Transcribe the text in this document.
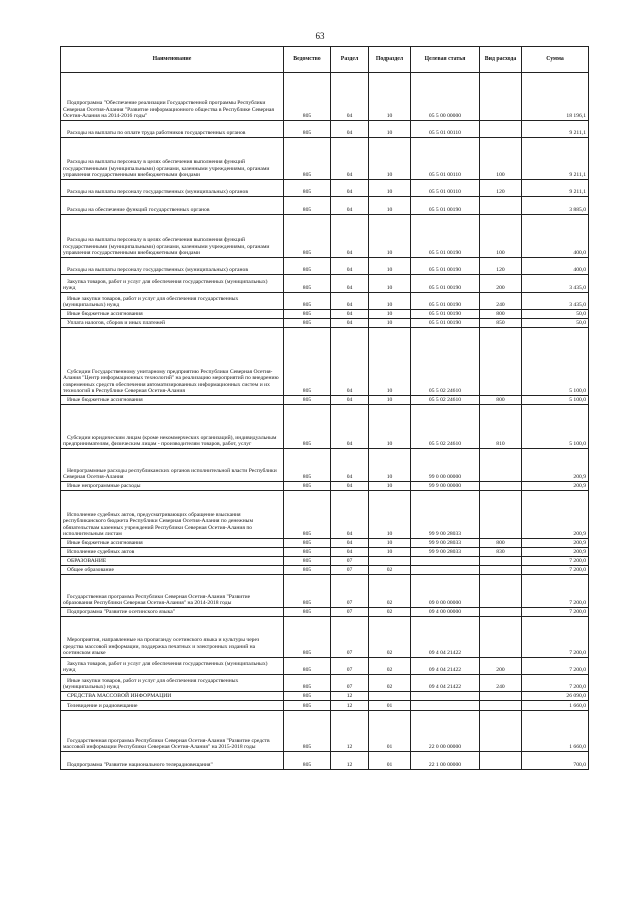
63
Наименование	Ведомство	Раздел	Подраздел	Целевая статья	Вид расхода	Сумма
Подпрограмма "Обеспечение реализации Государственной программы Республики Северная Осетия-Алания "Развитие информационного общества в Республике Северная Осетия-Алания на 2014-2016 годы"	805	04	10	05 5 00 00000		18 196,1
Расходы на выплаты по оплате труда работников государственных органов	805	04	10	05 5 01 00110		9 211,1
Расходы на выплаты персоналу в целях обеспечения выполнения функций государственными (муниципальными) органами, казенными учреждениями, органами управления государственными внебюджетными фондами	805	04	10	05 5 01 00110	100	9 211,1
Расходы на выплаты персоналу государственных (муниципальных) органов	805	04	10	05 5 01 00110	120	9 211,1
Расходы на обеспечение функций государственных органов	805	04	10	05 5 01 00190		3 885,0
Расходы на выплаты персоналу в целях обеспечения выполнения функций государственными (муниципальными) органами, казенными учреждениями, органами управления государственными внебюджетными фондами	805	04	10	05 5 01 00190	100	400,0
Расходы на выплаты персоналу государственных (муниципальных) органов	805	04	10	05 5 01 00190	120	400,0
Закупка товаров, работ и услуг для обеспечения государственных (муниципальных) нужд	805	04	10	05 5 01 00190	200	3 435,0
Иные закупки товаров, работ и услуг для обеспечения государственных (муниципальных) нужд	805	04	10	05 5 01 00190	240	3 435,0
Иные бюджетные ассигнования	805	04	10	05 5 01 00190	800	50,0
Уплата налогов, сборов и иных платежей	805	04	10	05 5 01 00190	850	50,0
Субсидии Государственному унитарному предприятию Республики Северная Осетия-Алания "Центр информационных технологий" на реализацию мероприятий по внедрению современных средств обеспечения автоматизированных информационных систем и их технологий в Республике Северная Осетия-Алания	805	04	10	05 5 02 24610		5 100,0
Иные бюджетные ассигнования	805	04	10	05 5 02 24610	800	5 100,0
Субсидии юридическим лицам (кроме некоммерческих организаций), индивидуальным предпринимателям, физическим лицам - производителям товаров, работ, услуг	805	04	10	05 5 02 24610	810	5 100,0
Непрограммные расходы республиканских органов исполнительной власти Республики Северная Осетия-Алания	805	04	10	99 0 00 00000		200,9
Иные непрограммные расходы	805	04	10	99 9 00 00000		200,9
Исполнение судебных актов, предусматривающих обращение взыскания республиканского бюджета Республики Северная Осетия-Алания по денежным обязательствам казенных учреждений Республики Северная Осетия-Алания по исполнительным листам	805	04	10	99 9 00 28033		200,9
Иные бюджетные ассигнования	805	04	10	99 9 00 28033	800	200,9
Исполнение судебных актов	805	04	10	99 9 00 28033	830	200,9
ОБРАЗОВАНИЕ	805	07				7 200,0
Общее образование	805	07	02			7 200,0
Государственная программа Республики Северная Осетия-Алания "Развитие образования Республики Северная Осетия-Алания" на 2014-2018 годы	805	07	02	09 0 00 00000		7 200,0
Подпрограмма "Развитие осетинского языка"	805	07	02	09 4 00 00000		7 200,0
Мероприятия, направленные на пропаганду осетинского языка и культуры через средства массовой информации, поддержка печатных и электронных изданий на осетинском языке	805	07	02	09 4 04 21422		7 200,0
Закупка товаров, работ и услуг для обеспечения государственных (муниципальных) нужд	805	07	02	09 4 04 21422	200	7 200,0
Иные закупки товаров, работ и услуг для обеспечения государственных (муниципальных) нужд	805	07	02	09 4 04 21422	240	7 200,0
СРЕДСТВА МАССОВОЙ ИНФОРМАЦИИ	805	12				26 090,0
Телевидение и радиовещание	805	12	01			1 660,0
Государственная программа Республики Северная Осетия-Алания "Развитие средств массовой информации Республики Северная Осетия-Алания" на 2015-2018 годы	805	12	01	22 0 00 00000		1 660,0
Подпрограмма "Развитие национального телерадиовещания"	805	12	01	22 1 00 00000		700,0
